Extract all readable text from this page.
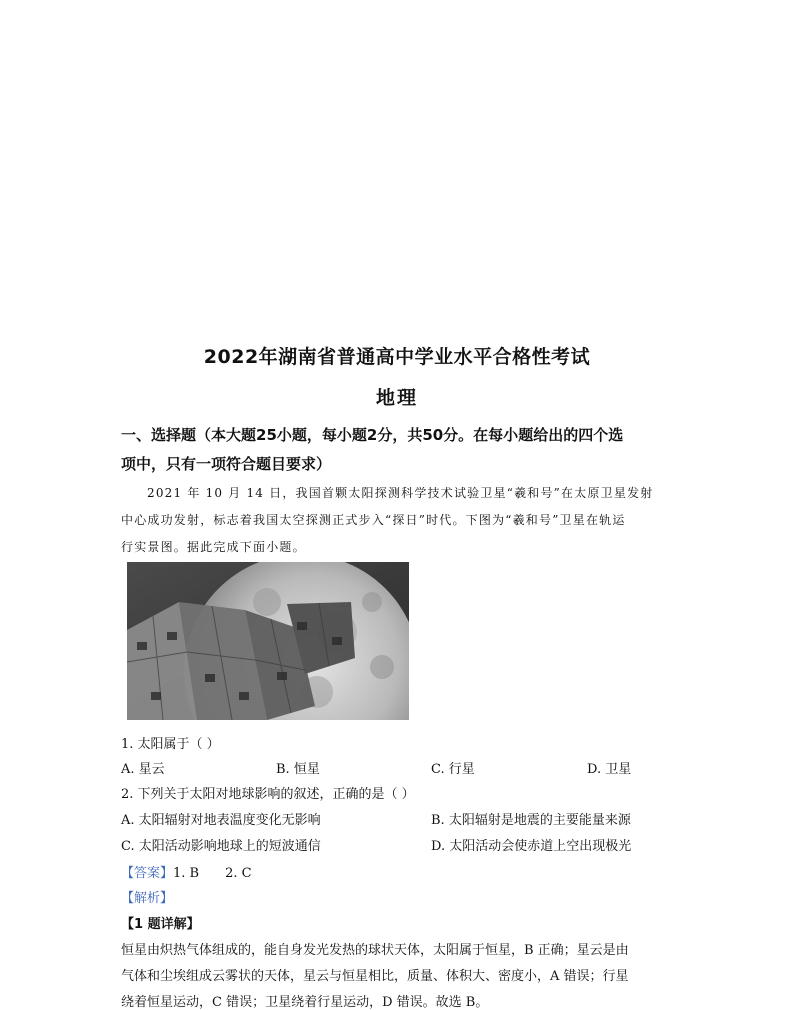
2022年湖南省普通高中学业水平合格性考试
地理
一、选择题（本大题25小题，每小题2分，共50分。在每小题给出的四个选
项中，只有一项符合题目要求）
2021 年 10 月 14 日，我国首颗太阳探测科学技术试验卫星“羲和号”在太原卫星发射
中心成功发射，标志着我国太空探测正式步入“探日”时代。下图为“羲和号”卫星在轨运
行实景图。据此完成下面小题。
1. 太阳属于（ ）
A. 星云	B. 恒星	C. 行星	D. 卫星
2. 下列关于太阳对地球影响的叙述，正确的是（ ）
A. 太阳辐射对地表温度变化无影响	B. 太阳辐射是地震的主要能量来源
C. 太阳活动影响地球上的短波通信	D. 太阳活动会使赤道上空出现极光
【答案】1. B 2. C
【解析】
【1 题详解】
恒星由炽热气体组成的，能自身发光发热的球状天体，太阳属于恒星，B 正确；星云是由
气体和尘埃组成云雾状的天体，星云与恒星相比，质量、体积大、密度小，A 错误；行星
绕着恒星运动，C 错误；卫星绕着行星运动，D 错误。故选 B。
